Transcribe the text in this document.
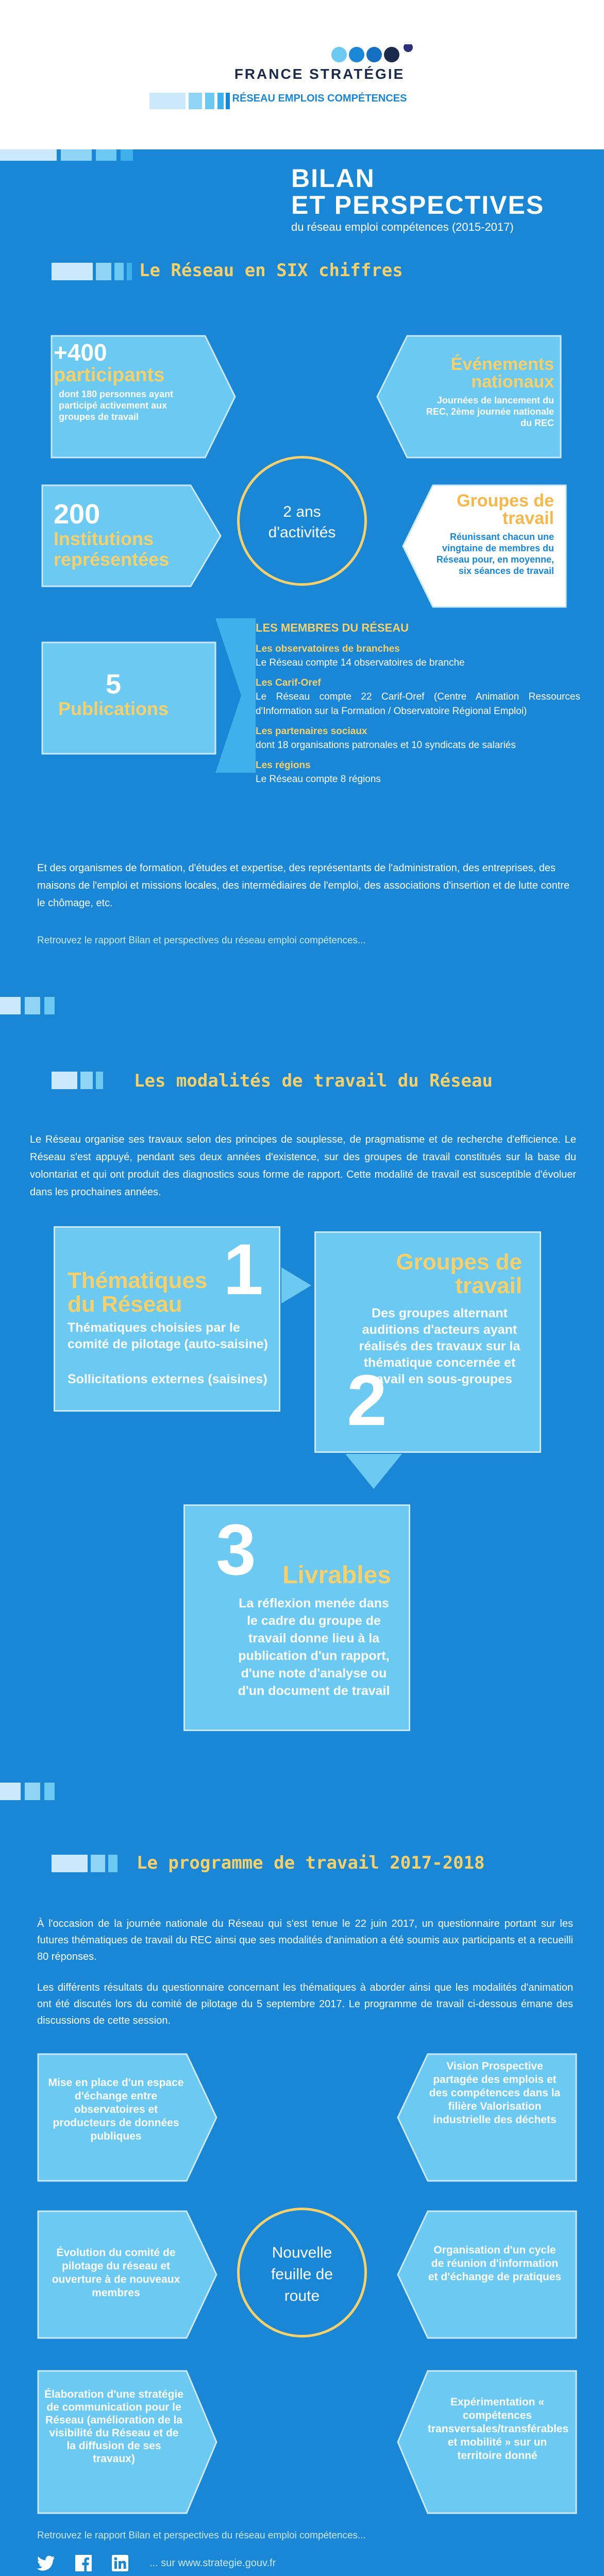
FRANCE STRATÉGIE
RÉSEAU EMPLOIS COMPÉTENCES
BILAN
ET PERSPECTIVES
du réseau emploi compétences (2015-2017)
Le Réseau en SIX chiffres
+400
participants
dont 180 personnes ayant participé activement aux groupes de travail
Événements nationaux
Journées de lancement du REC, 2ème journée nationale du REC
200
Institutions représentées
2 ans d'activités
Groupes de travail
Réunissant chacun une vingtaine de membres du Réseau pour, en moyenne, six séances de travail
5
Publications
LES MEMBRES DU RÉSEAU
Les observatoires de branches
Le Réseau compte 14 observatoires de branche
Les Carif-Oref
Le Réseau compte 22 Carif-Oref (Centre Animation Ressources d'Information sur la Formation / Observatoire Régional Emploi)
Les partenaires sociaux
dont 18 organisations patronales et 10 syndicats de salariés
Les régions
Le Réseau compte 8 régions
Et des organismes de formation, d'études et expertise, des représentants de l'administration, des entreprises, des maisons de l'emploi et missions locales, des intermédiaires de l'emploi, des associations d'insertion et de lutte contre le chômage, etc.
Retrouvez le rapport Bilan et perspectives du réseau emploi compétences...
Les modalités de travail du Réseau
Le Réseau organise ses travaux selon des principes de souplesse, de pragmatisme et de recherche d'efficience. Le Réseau s'est appuyé, pendant ses deux années d'existence, sur des groupes de travail constitués sur la base du volontariat et qui ont produit des diagnostics sous forme de rapport. Cette modalité de travail est susceptible d'évoluer dans les prochaines années.
1
Thématiques du Réseau
Thématiques choisies par le comité de pilotage (auto-saisine)
Sollicitations externes (saisines)
Groupes de travail
Des groupes alternant auditions d'acteurs ayant réalisés des travaux sur la thématique concernée et travail en sous-groupes
2
3 Livrables
La réflexion menée dans le cadre du groupe de travail donne lieu à la publication d'un rapport, d'une note d'analyse ou d'un document de travail
Le programme de travail 2017-2018
À l'occasion de la journée nationale du Réseau qui s'est tenue le 22 juin 2017, un questionnaire portant sur les futures thématiques de travail du REC ainsi que ses modalités d'animation a été soumis aux participants et a recueilli 80 réponses.
Les différents résultats du questionnaire concernant les thématiques à aborder ainsi que les modalités d'animation ont été discutés lors du comité de pilotage du 5 septembre 2017. Le programme de travail ci-dessous émane des discussions de cette session.
Mise en place d'un espace d'échange entre observatoires et producteurs de données publiques
Vision Prospective partagée des emplois et des compétences dans la filière Valorisation industrielle des déchets
Évolution du comité de pilotage du réseau et ouverture à de nouveaux membres
Nouvelle feuille de route
Organisation d'un cycle de réunion d'information et d'échange de pratiques
Élaboration d'une stratégie de communication pour le Réseau (amélioration de la visibilité du Réseau et de la diffusion de ses travaux)
Expérimentation « compétences transversales/transférables et mobilité » sur un territoire donné
Retrouvez le rapport Bilan et perspectives du réseau emploi compétences...
... sur www.strategie.gouv.fr
